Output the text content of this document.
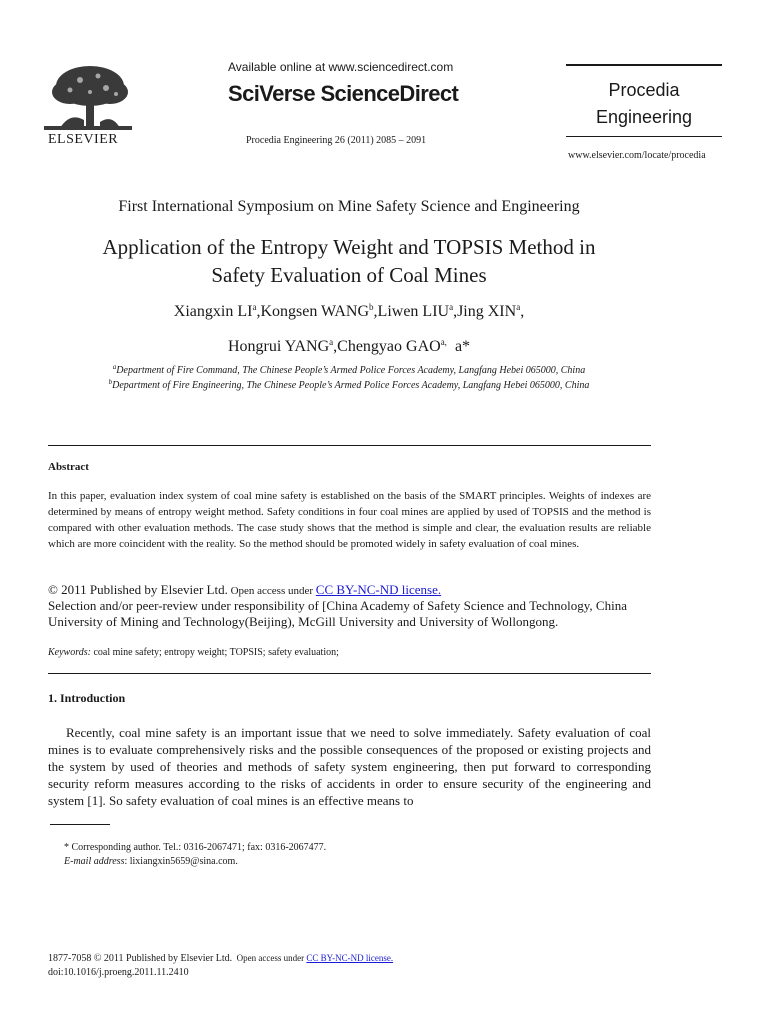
ELSEVIER
Available online at www.sciencedirect.com
SciVerse ScienceDirect
Procedia Engineering 26 (2011) 2085 – 2091
Procedia
Engineering
www.elsevier.com/locate/procedia
First International Symposium on Mine Safety Science and Engineering
Application of the Entropy Weight and TOPSIS Method in
Safety Evaluation of Coal Mines
Xiangxin $LI^a,Kongsen$ WANG$^b$,Liwen LIU$^a$,Jing XIN$^a$,
Hongrui YANG$^a$,Chengyao $GAO^{a,}$  a*
$^a$Department of Fire Command, The Chinese People’s Armed Police Forces Academy, Langfang Hebei 065000, China
$^b$Department of Fire Engineering, The Chinese People’s Armed Police Forces Academy, Langfang Hebei 065000, China
Abstract
In this paper, evaluation index system of coal mine safety is established on the basis of the SMART principles. Weights of indexes are determined by means of entropy weight method. Safety conditions in four coal mines are applied by used of TOPSIS and the method is compared with other evaluation methods. The case study shows that the method is simple and clear, the evaluation results are reliable which are more coincident with the reality. So the method should be promoted widely in safety evaluation of coal mines.
© 2011 Published by Elsevier Ltd. Open access under CC BY-NC-ND license.
Selection and/or peer-review under responsibility of [China Academy of Safety Science and Technology, China University of Mining and Technology(Beijing), McGill University and University of Wollongong.
Keywords: coal mine safety; entropy weight; TOPSIS; safety evaluation;
1. Introduction
Recently, coal mine safety is an important issue that we need to solve immediately. Safety evaluation of coal mines is to evaluate comprehensively risks and the possible consequences of the proposed or existing projects and the system by used of theories and methods of safety system engineering, then put forward to corresponding security reform measures according to the risks of accidents in order to ensure security of the engineering and system [1]. So safety evaluation of coal mines is an effective means to
* Corresponding author. Tel.: 0316-2067471; fax: 0316-2067477.
E-mail address: lixiangxin5659@sina.com.
1877-7058 © 2011 Published by Elsevier Ltd.  Open access under CC BY-NC-ND license.
doi:10.1016/j.proeng.2011.11.2410
